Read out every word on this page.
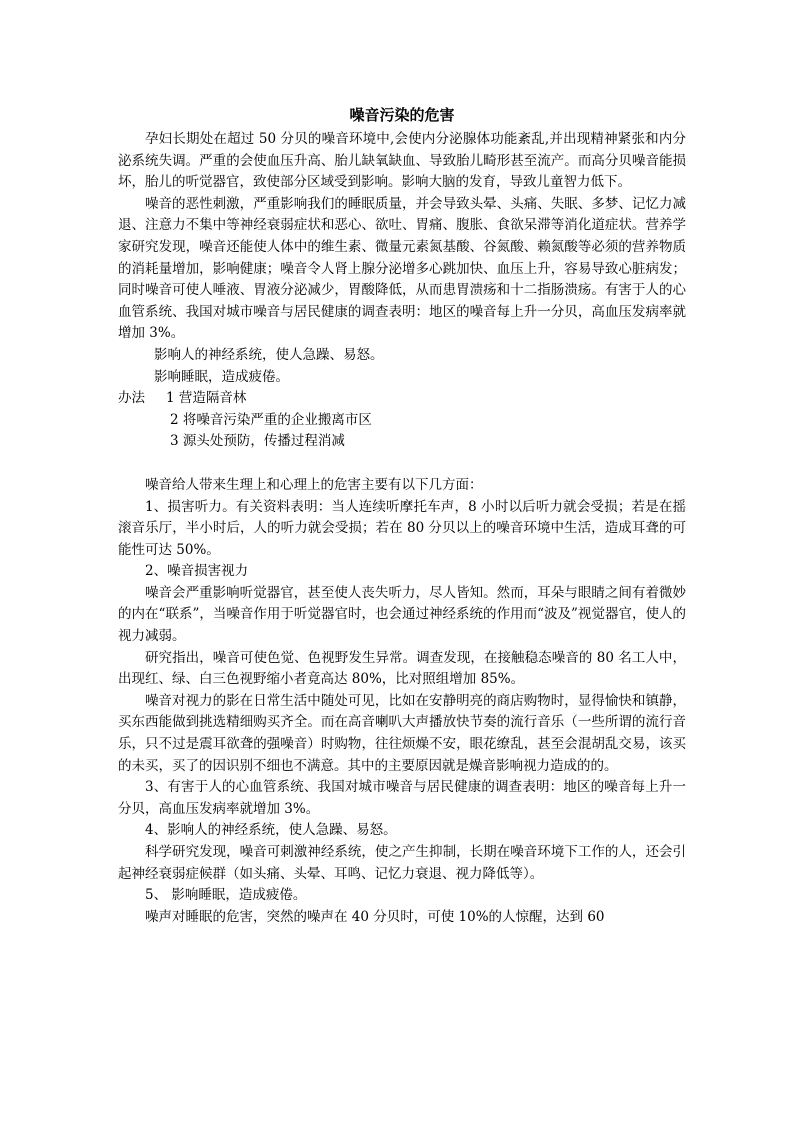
噪音污染的危害

孕妇长期处在超过 50 分贝的噪音环境中,会使内分泌腺体功能紊乱,并出现精神紧张和内分泌系统失调。严重的会使血压升高、胎儿缺氧缺血、导致胎儿畸形甚至流产。而高分贝噪音能损坏，胎儿的听觉器官，致使部分区域受到影响。影响大脑的发育，导致儿童智力低下。

噪音的恶性刺激，严重影响我们的睡眠质量，并会导致头晕、头痛、失眠、多梦、记忆力减退、注意力不集中等神经衰弱症状和恶心、欲吐、胃痛、腹胀、食欲呆滞等消化道症状。营养学家研究发现，噪音还能使人体中的维生素、微量元素氮基酸、谷氮酸、赖氮酸等必须的营养物质的消耗量增加，影响健康；噪音令人肾上腺分泌增多心跳加快、血压上升，容易导致心脏病发；同时噪音可使人唾液、胃液分泌减少，胃酸降低，从而患胃溃疡和十二指肠溃疡。有害于人的心血管系统、我国对城市噪音与居民健康的调查表明：地区的噪音每上升一分贝，高血压发病率就增加 3%。

影响人的神经系统，使人急躁、易怒。

影响睡眠，造成疲倦。

办法	1 营造隔音林

2 将噪音污染严重的企业搬离市区

3 源头处预防，传播过程消减

噪音给人带来生理上和心理上的危害主要有以下几方面：

1、损害听力。有关资料表明：当人连续听摩托车声，8 小时以后听力就会受损；若是在摇滚音乐厅，半小时后，人的听力就会受损；若在 80 分贝以上的噪音环境中生活，造成耳聋的可能性可达 50%。

2、噪音损害视力

噪音会严重影响听觉器官，甚至使人丧失听力，尽人皆知。然而，耳朵与眼睛之间有着微妙的内在“联系”，当噪音作用于听觉器官时，也会通过神经系统的作用而“波及”视觉器官，使人的视力减弱。

研究指出，噪音可使色觉、色视野发生异常。调查发现，在接触稳态噪音的 80 名工人中，出现红、绿、白三色视野缩小者竟高达 80%，比对照组增加 85%。

噪音对视力的影在日常生活中随处可见，比如在安静明亮的商店购物时，显得愉快和镇静，买东西能做到挑选精细购买齐全。而在高音喇叭大声播放快节奏的流行音乐（一些所谓的流行音乐，只不过是震耳欲聋的强噪音）时购物，往往烦燥不安，眼花缭乱，甚至会混胡乱交易，该买的未买，买了的因识别不细也不满意。其中的主要原因就是燥音影响视力造成的的。

3、有害于人的心血管系统、我国对城市噪音与居民健康的调查表明：地区的噪音每上升一分贝，高血压发病率就增加 3%。

4、影响人的神经系统，使人急躁、易怒。

科学研究发现，噪音可刺激神经系统，使之产生抑制，长期在噪音环境下工作的人，还会引起神经衰弱症候群（如头痛、头晕、耳鸣、记忆力衰退、视力降低等）。

5、 影响睡眠，造成疲倦。

噪声对睡眠的危害，突然的噪声在 40 分贝时，可使 10%的人惊醒，达到 60
